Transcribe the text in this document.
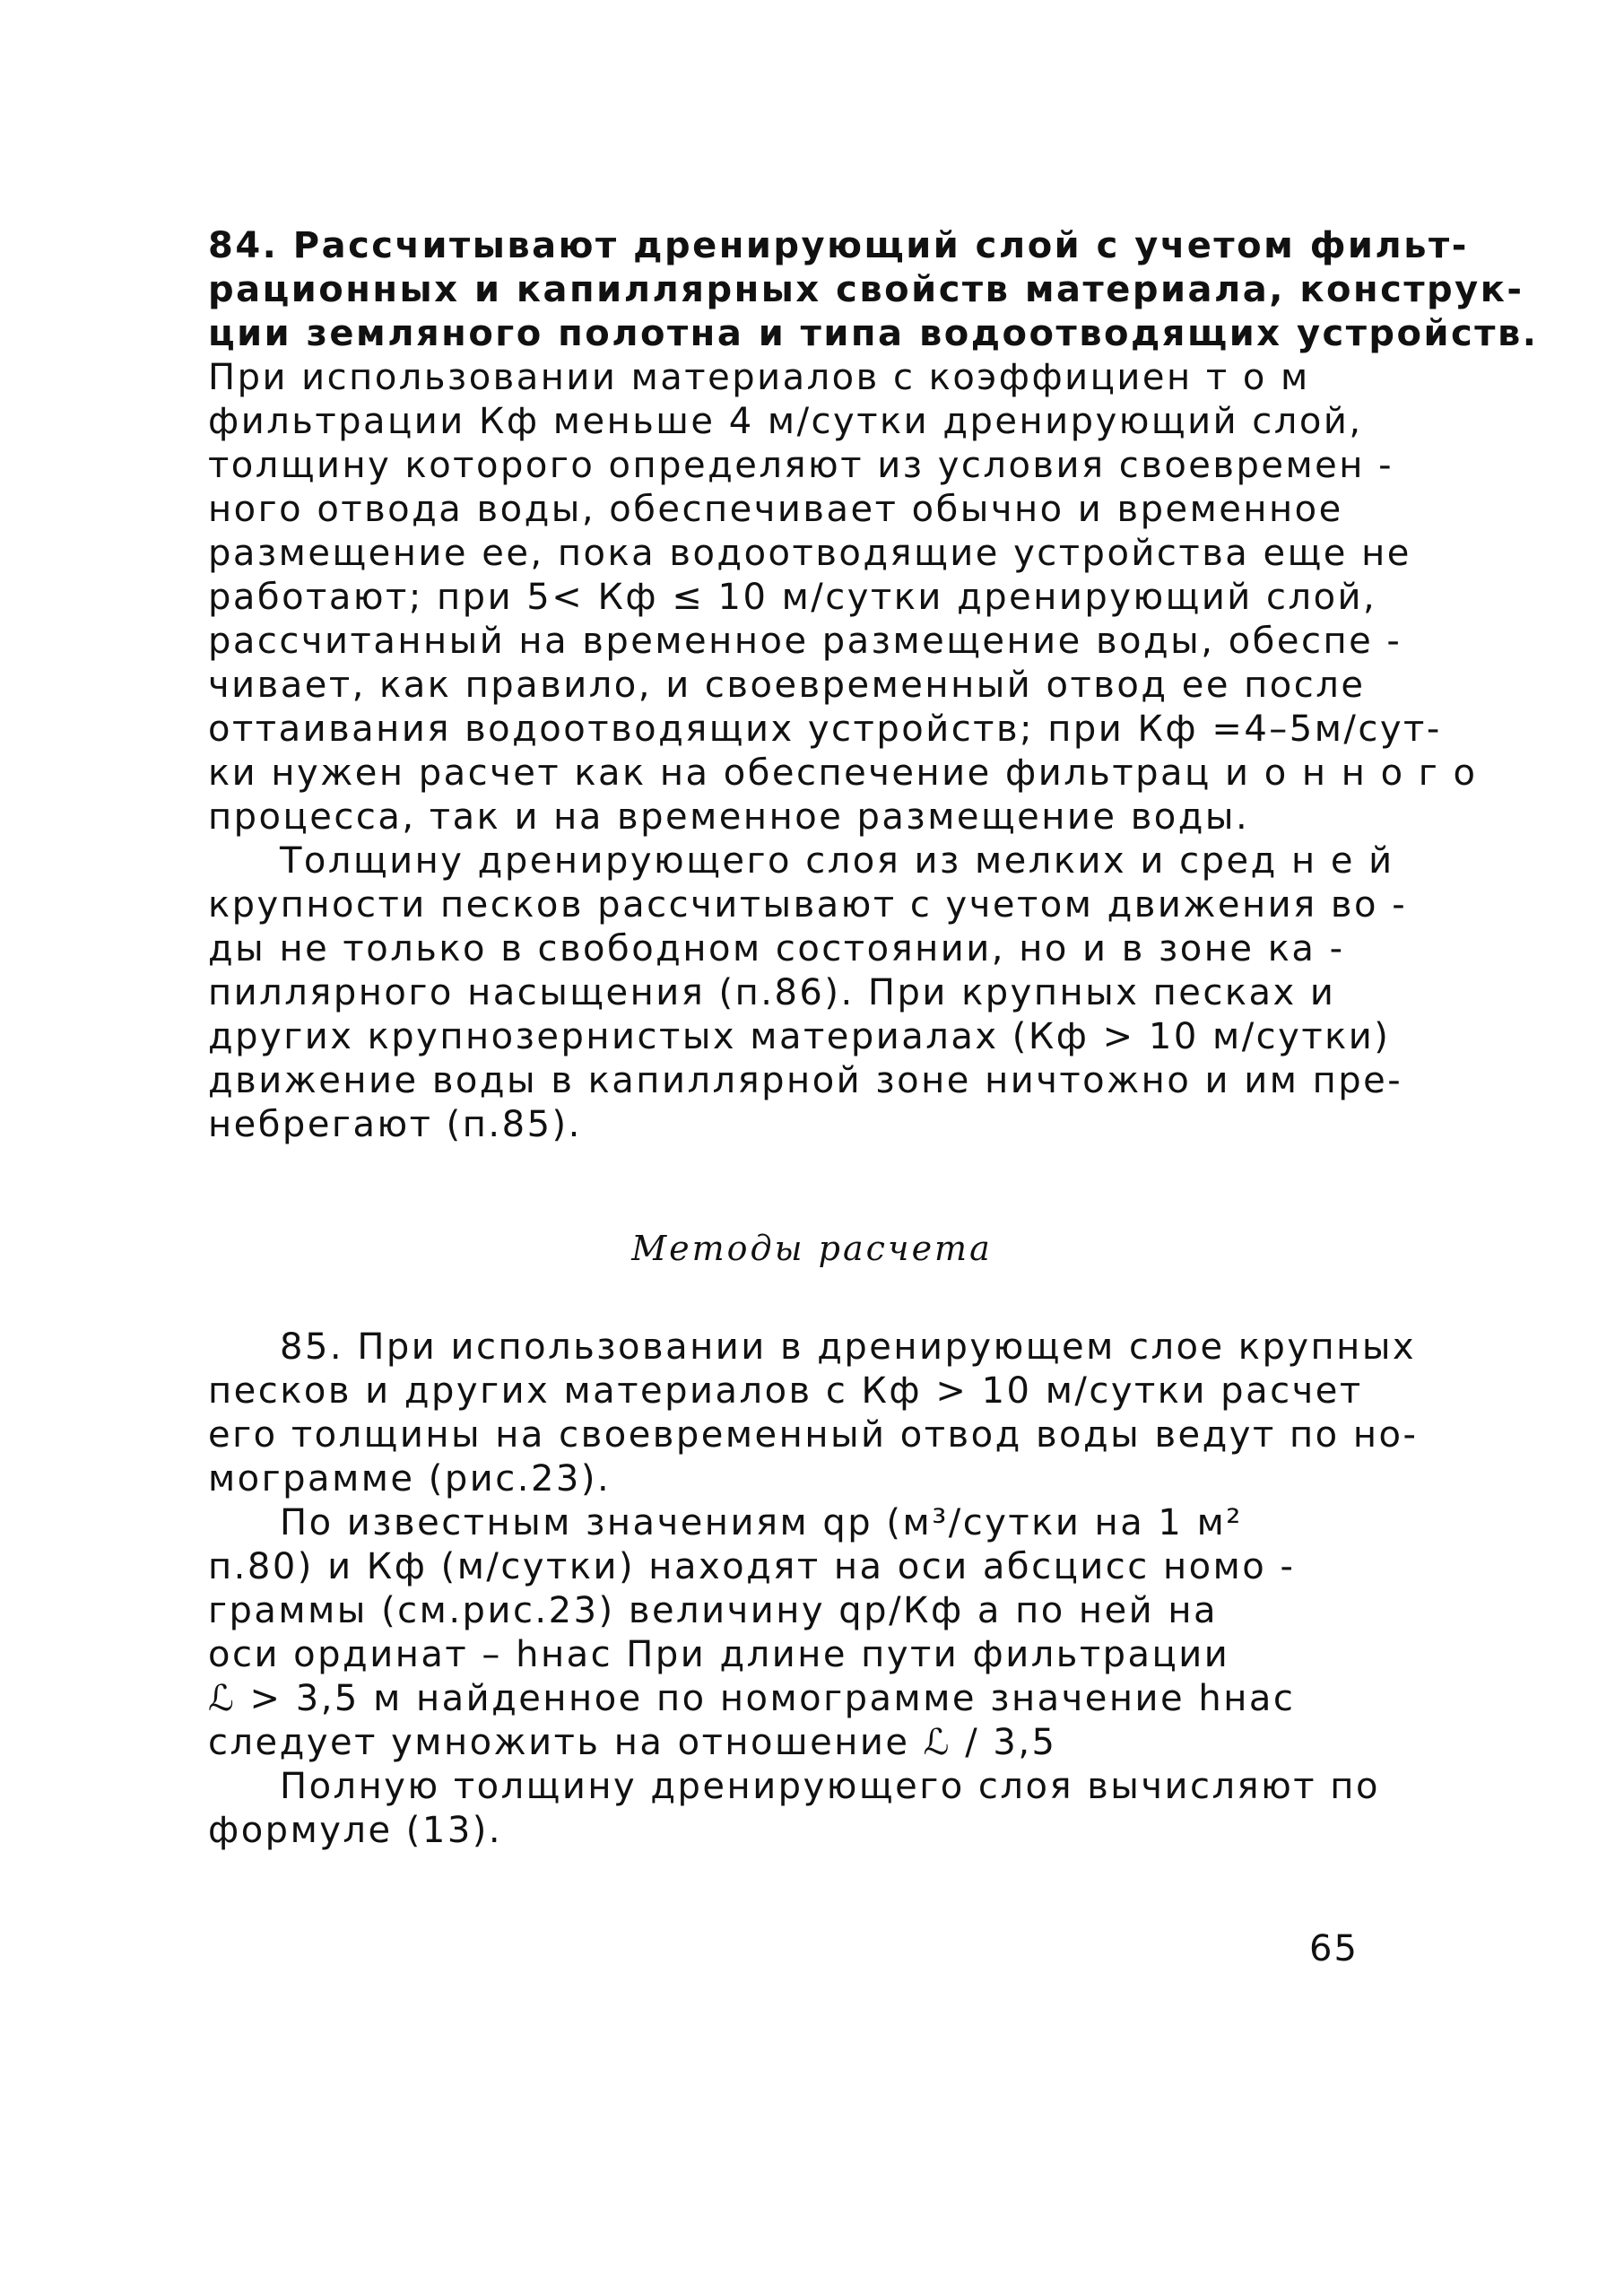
84. Рассчитывают дренирующий слой с учетом фильт-
рационных и капиллярных свойств материала, конструк-
ции земляного полотна и типа водоотводящих устройств.
При использовании материалов с коэффициен т о м
фильтрации Кф меньше 4 м/сутки дренирующий слой,
толщину которого определяют из условия своевремен -
ного отвода воды, обеспечивает обычно и временное
размещение ее, пока водоотводящие устройства еще не
работают; при 5< Кф ≤ 10 м/сутки дренирующий слой,
рассчитанный на временное размещение воды, обеспе -
чивает, как правило, и своевременный отвод ее после
оттаивания водоотводящих устройств; при Кф =4–5м/сут-
ки нужен расчет как на обеспечение фильтрац и о н н о г о
процесса, так и на временное размещение воды.
Толщину дренирующего слоя из мелких и сред н е й
крупности песков рассчитывают с учетом движения во -
ды не только в свободном состоянии, но и в зоне ка -
пиллярного насыщения (п.86). При крупных песках и
других крупнозернистых материалах (Кф > 10 м/сутки)
движение воды в капиллярной зоне ничтожно и им пре-
небрегают (п.85).
Методы расчета
85. При использовании в дренирующем слое крупных
песков и других материалов с Кф > 10 м/сутки расчет
его толщины на своевременный отвод воды ведут по но-
мограмме (рис.23).
По известным значениям qр (м³/сутки на 1 м²
п.80) и Кф (м/сутки) находят на оси абсцисс номо -
граммы (см.рис.23) величину qр/Кф а по ней на
оси ординат – hнас При длине пути фильтрации
ℒ > 3,5 м найденное по номограмме значение hнас
следует умножить на отношение ℒ / 3,5
Полную толщину дренирующего слоя вычисляют по
формуле (13).
65
